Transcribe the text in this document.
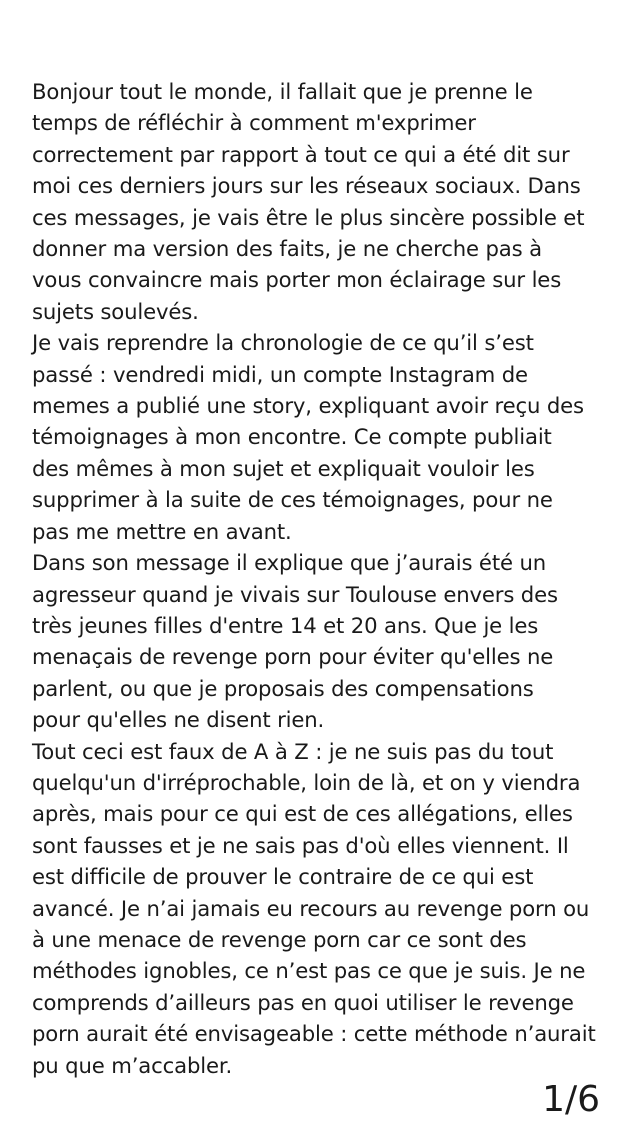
Bonjour tout le monde, il fallait que je prenne le
temps de réfléchir à comment m'exprimer
correctement par rapport à tout ce qui a été dit sur
moi ces derniers jours sur les réseaux sociaux. Dans
ces messages, je vais être le plus sincère possible et
donner ma version des faits, je ne cherche pas à
vous convaincre mais porter mon éclairage sur les
sujets soulevés.
Je vais reprendre la chronologie de ce qu’il s’est
passé : vendredi midi, un compte Instagram de
memes a publié une story, expliquant avoir reçu des
témoignages à mon encontre. Ce compte publiait
des mêmes à mon sujet et expliquait vouloir les
supprimer à la suite de ces témoignages, pour ne
pas me mettre en avant.
Dans son message il explique que j’aurais été un
agresseur quand je vivais sur Toulouse envers des
très jeunes filles d'entre 14 et 20 ans. Que je les
menaçais de revenge porn pour éviter qu'elles ne
parlent, ou que je proposais des compensations
pour qu'elles ne disent rien.
Tout ceci est faux de A à Z : je ne suis pas du tout
quelqu'un d'irréprochable, loin de là, et on y viendra
après, mais pour ce qui est de ces allégations, elles
sont fausses et je ne sais pas d'où elles viennent. Il
est difficile de prouver le contraire de ce qui est
avancé. Je n’ai jamais eu recours au revenge porn ou
à une menace de revenge porn car ce sont des
méthodes ignobles, ce n’est pas ce que je suis. Je ne
comprends d’ailleurs pas en quoi utiliser le revenge
porn aurait été envisageable : cette méthode n’aurait
pu que m’accabler.
1/6
